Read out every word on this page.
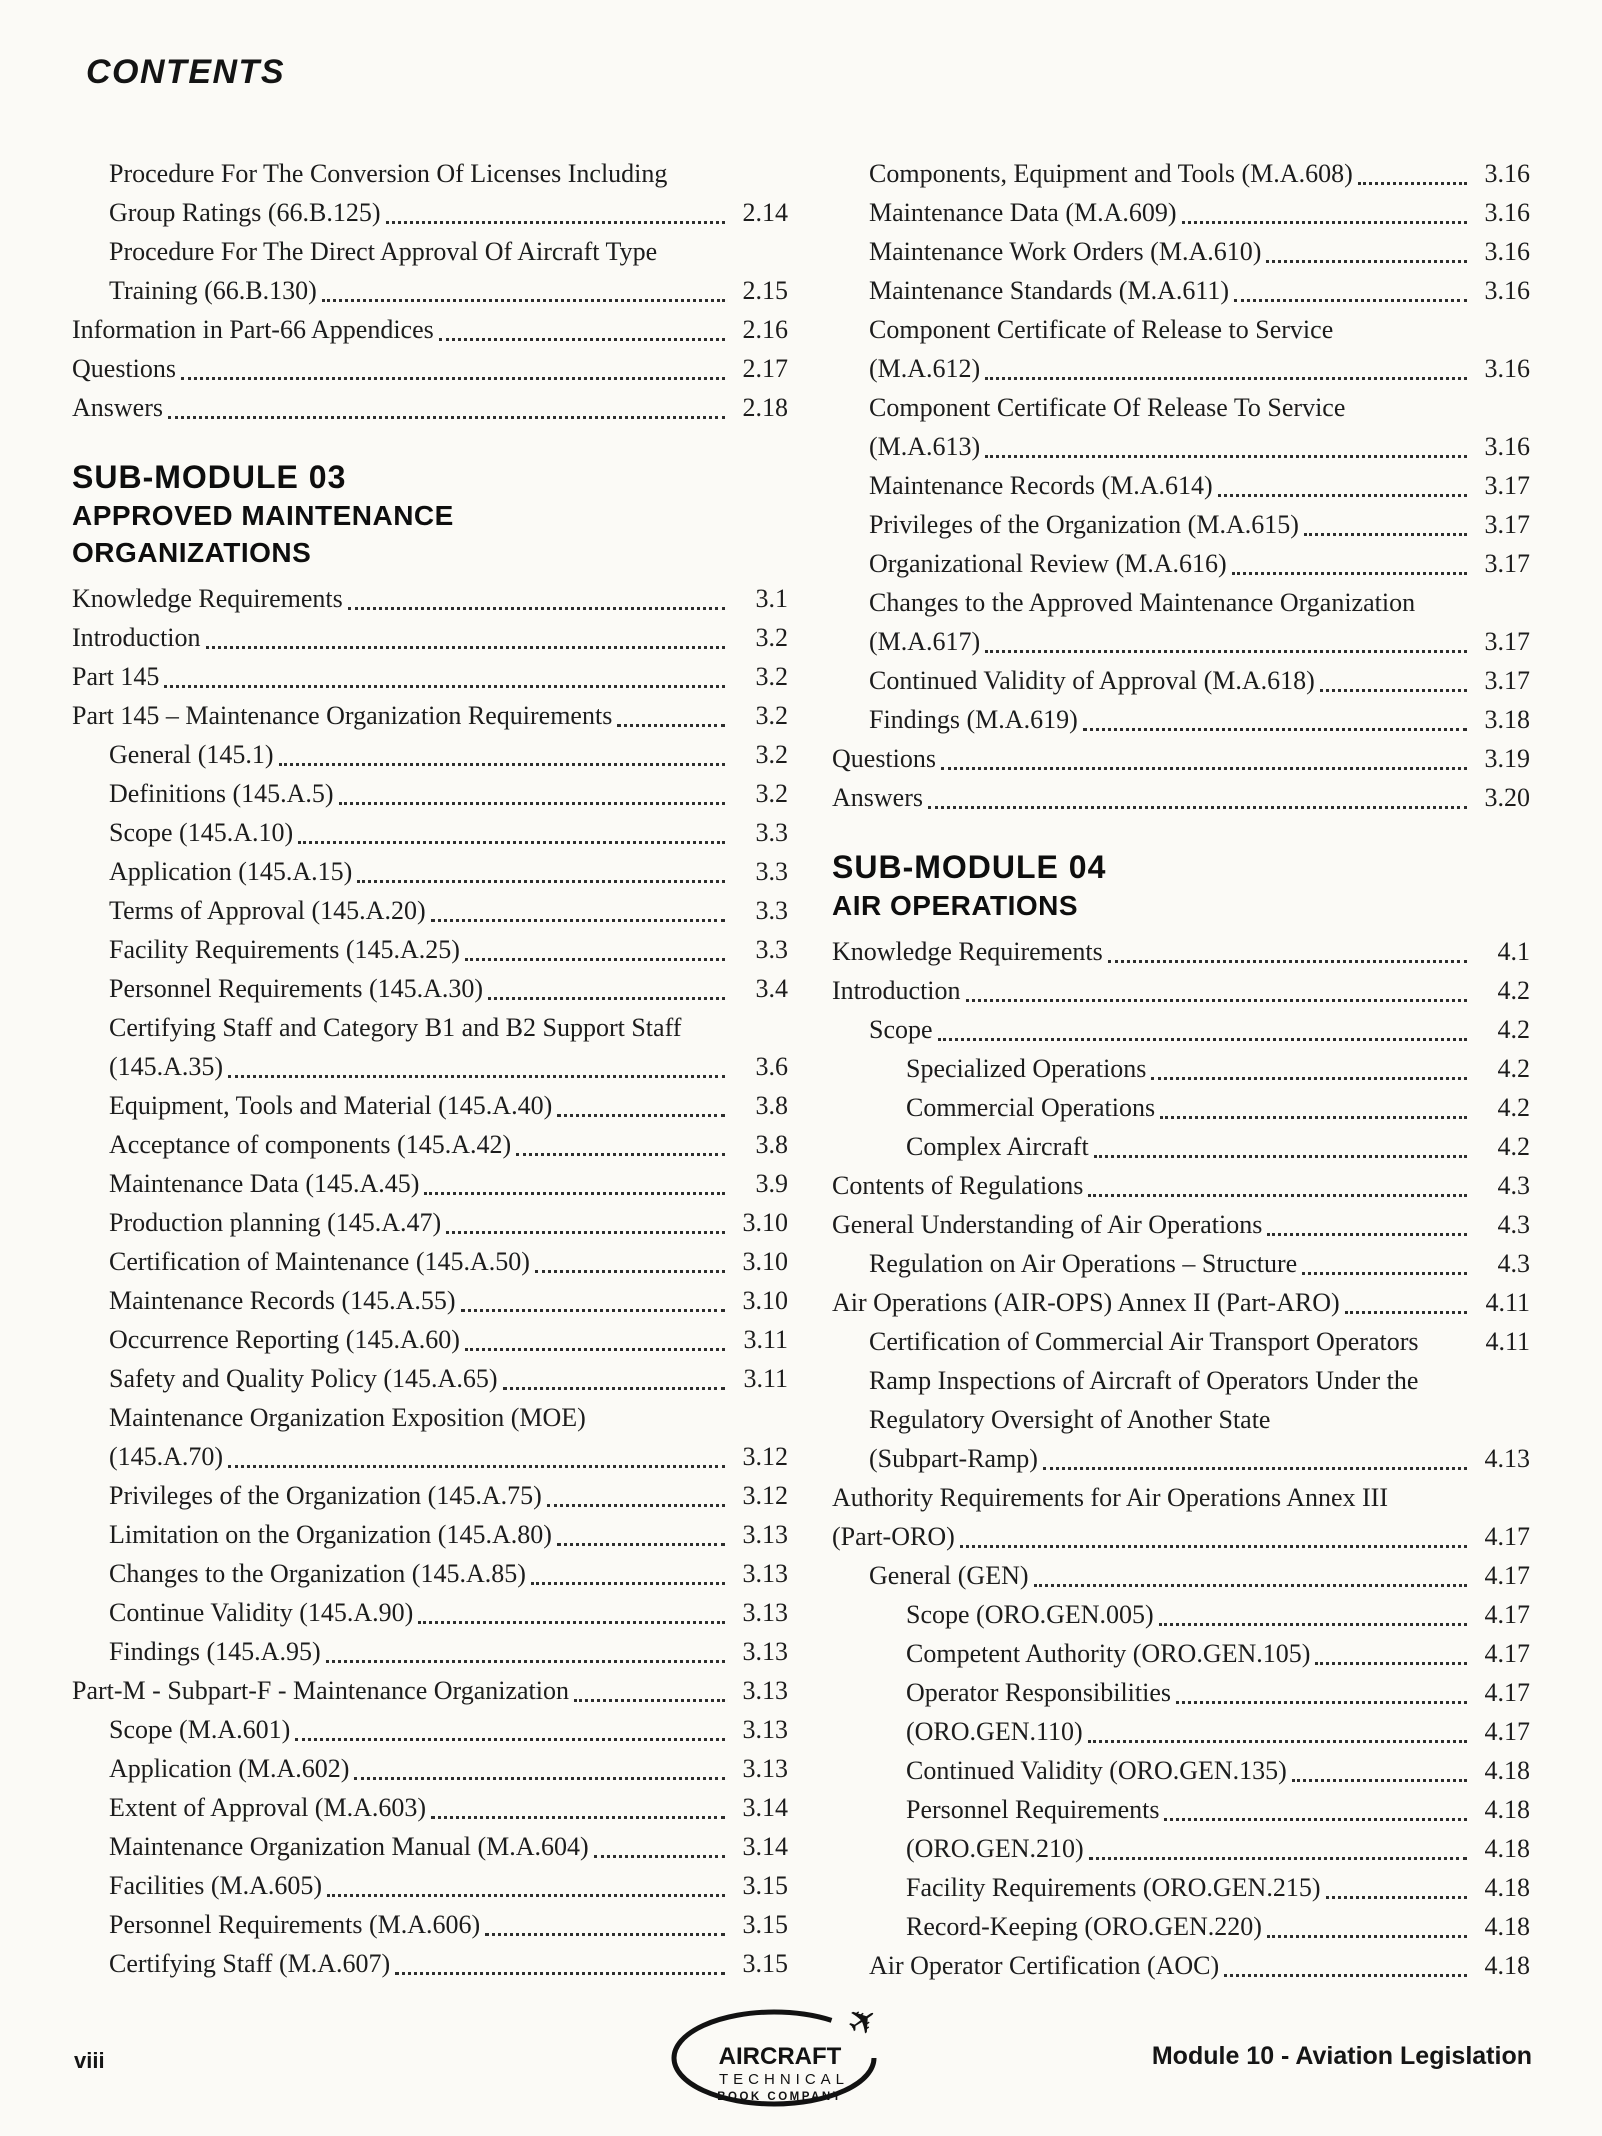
CONTENTS
Procedure For The Conversion Of Licenses Including
Group Ratings (66.B.125)	2.14
Procedure For The Direct Approval Of Aircraft Type
Training (66.B.130)	2.15
Information in Part-66 Appendices	2.16
Questions	2.17
Answers	2.18
SUB-MODULE 03
APPROVED MAINTENANCE
ORGANIZATIONS
Knowledge Requirements	3.1
Introduction	3.2
Part 145	3.2
Part 145 – Maintenance Organization Requirements	3.2
General (145.1)	3.2
Definitions (145.A.5)	3.2
Scope (145.A.10)	3.3
Application (145.A.15)	3.3
Terms of Approval (145.A.20)	3.3
Facility Requirements (145.A.25)	3.3
Personnel Requirements (145.A.30)	3.4
Certifying Staff and Category B1 and B2 Support Staff
(145.A.35)	3.6
Equipment, Tools and Material (145.A.40)	3.8
Acceptance of components (145.A.42)	3.8
Maintenance Data (145.A.45)	3.9
Production planning (145.A.47)	3.10
Certification of Maintenance (145.A.50)	3.10
Maintenance Records (145.A.55)	3.10
Occurrence Reporting (145.A.60)	3.11
Safety and Quality Policy (145.A.65)	3.11
Maintenance Organization Exposition (MOE)
(145.A.70)	3.12
Privileges of the Organization (145.A.75)	3.12
Limitation on the Organization (145.A.80)	3.13
Changes to the Organization (145.A.85)	3.13
Continue Validity (145.A.90)	3.13
Findings (145.A.95)	3.13
Part-M - Subpart-F - Maintenance Organization	3.13
Scope (M.A.601)	3.13
Application (M.A.602)	3.13
Extent of Approval (M.A.603)	3.14
Maintenance Organization Manual (M.A.604)	3.14
Facilities (M.A.605)	3.15
Personnel Requirements (M.A.606)	3.15
Certifying Staff (M.A.607)	3.15
Components, Equipment and Tools (M.A.608)	3.16
Maintenance Data (M.A.609)	3.16
Maintenance Work Orders (M.A.610)	3.16
Maintenance Standards (M.A.611)	3.16
Component Certificate of Release to Service
(M.A.612)	3.16
Component Certificate Of Release To Service
(M.A.613)	3.16
Maintenance Records (M.A.614)	3.17
Privileges of the Organization (M.A.615)	3.17
Organizational Review (M.A.616)	3.17
Changes to the Approved Maintenance Organization
(M.A.617)	3.17
Continued Validity of Approval (M.A.618)	3.17
Findings (M.A.619)	3.18
Questions	3.19
Answers	3.20
SUB-MODULE 04
AIR OPERATIONS
Knowledge Requirements	4.1
Introduction	4.2
Scope	4.2
Specialized Operations	4.2
Commercial Operations	4.2
Complex Aircraft	4.2
Contents of Regulations	4.3
General Understanding of Air Operations	4.3
Regulation on Air Operations – Structure	4.3
Air Operations (AIR-OPS) Annex II (Part-ARO)	4.11
Certification of Commercial Air Transport Operators	4.11
Ramp Inspections of Aircraft of Operators Under the
Regulatory Oversight of Another State
(Subpart-Ramp)	4.13
Authority Requirements for Air Operations Annex III
(Part-ORO)	4.17
General (GEN)	4.17
Scope (ORO.GEN.005)	4.17
Competent Authority (ORO.GEN.105)	4.17
Operator Responsibilities	4.17
(ORO.GEN.110)	4.17
Continued Validity (ORO.GEN.135)	4.18
Personnel Requirements	4.18
(ORO.GEN.210)	4.18
Facility Requirements (ORO.GEN.215)	4.18
Record-Keeping (ORO.GEN.220)	4.18
Air Operator Certification (AOC)	4.18
viii
✈
AIRCRAFT
TECHNICAL
BOOK COMPANY
Module 10 - Aviation Legislation
